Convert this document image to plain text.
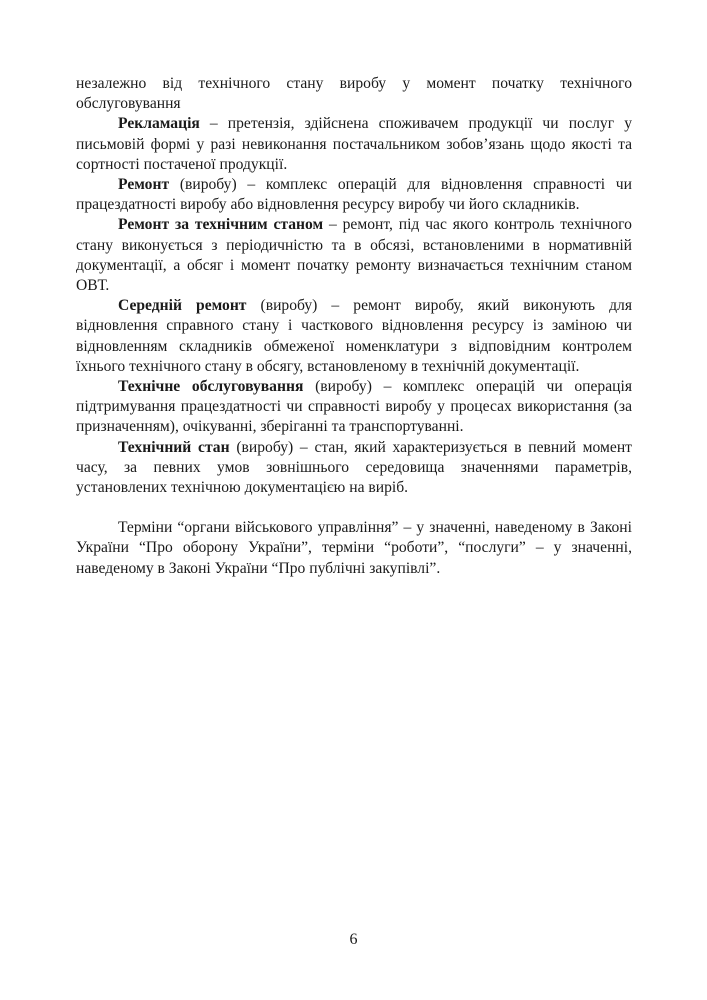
незалежно від технічного стану виробу у момент початку технічного обслуговування

Рекламація – претензія, здійснена споживачем продукції чи послуг у письмовій формі у разі невиконання постачальником зобов’язань щодо якості та сортності постаченої продукції.

Ремонт (виробу) – комплекс операцій для відновлення справності чи працездатності виробу або відновлення ресурсу виробу чи його складників.

Ремонт за технічним станом – ремонт, під час якого контроль технічного стану виконується з періодичністю та в обсязі, встановленими в нормативній документації, а обсяг і момент початку ремонту визначається технічним станом ОВТ.

Середній ремонт (виробу) – ремонт виробу, який виконують для відновлення справного стану і часткового відновлення ресурсу із заміною чи відновленням складників обмеженої номенклатури з відповідним контролем їхнього технічного стану в обсягу, встановленому в технічній документації.

Технічне обслуговування (виробу) – комплекс операцій чи операція підтримування працездатності чи справності виробу у процесах використання (за призначенням), очікуванні, зберіганні та транспортуванні.

Технічний стан (виробу) – стан, який характеризується в певний момент часу, за певних умов зовнішнього середовища значеннями параметрів, установлених технічною документацією на виріб.

Терміни “органи військового управління” – у значенні, наведеному в Законі України “Про оборону України”, терміни “роботи”, “послуги” – у значенні, наведеному в Законі України “Про публічні закупівлі”.

6
